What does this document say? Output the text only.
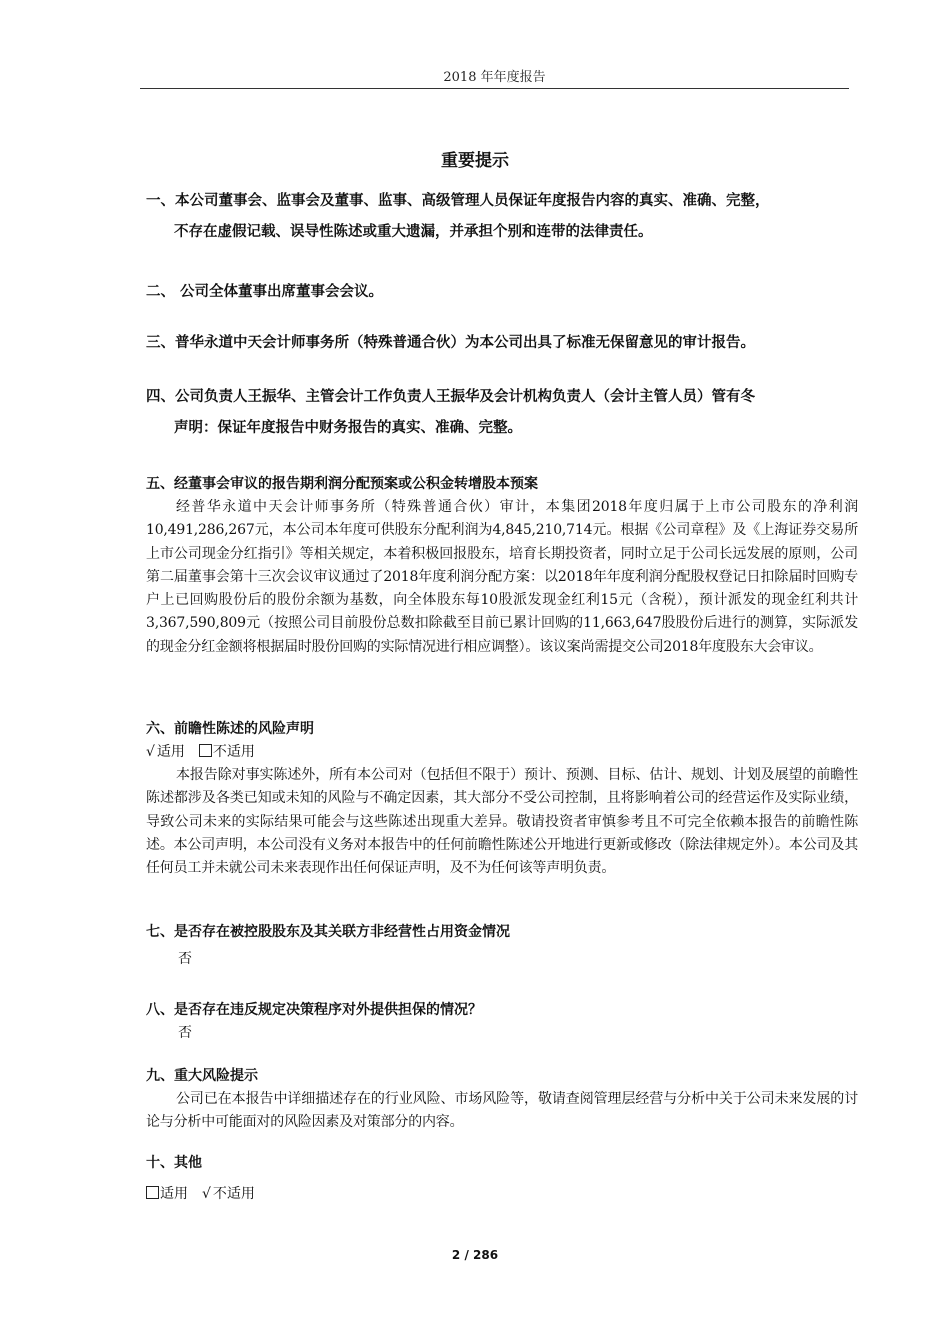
2018 年年度报告
重要提示

一、本公司董事会、监事会及董事、监事、高级管理人员保证年度报告内容的真实、准确、完整，

不存在虚假记载、误导性陈述或重大遗漏，并承担个别和连带的法律责任。

二、 公司全体董事出席董事会会议。

三、普华永道中天会计师事务所（特殊普通合伙）为本公司出具了标准无保留意见的审计报告。

四、公司负责人王振华、主管会计工作负责人王振华及会计机构负责人（会计主管人员）管有冬

声明：保证年度报告中财务报告的真实、准确、完整。

五、经董事会审议的报告期利润分配预案或公积金转增股本预案

经普华永道中天会计师事务所（特殊普通合伙）审计，本集团2018年度归属于上市公司股东的净利润10,491,286,267元，本公司本年度可供股东分配利润为4,845,210,714元。根据《公司章程》及《上海证券交易所上市公司现金分红指引》等相关规定，本着积极回报股东，培育长期投资者，同时立足于公司长远发展的原则，公司第二届董事会第十三次会议审议通过了2018年度利润分配方案：以2018年年度利润分配股权登记日扣除届时回购专户上已回购股份后的股份余额为基数，向全体股东每10股派发现金红利15元（含税），预计派发的现金红利共计3,367,590,809元（按照公司目前股份总数扣除截至目前已累计回购的11,663,647股股份后进行的测算，实际派发的现金分红金额将根据届时股份回购的实际情况进行相应调整）。该议案尚需提交公司2018年度股东大会审议。

六、前瞻性陈述的风险声明

√ 适用 不适用

本报告除对事实陈述外，所有本公司对（包括但不限于）预计、预测、目标、估计、规划、计划及展望的前瞻性陈述都涉及各类已知或未知的风险与不确定因素，其大部分不受公司控制，且将影响着公司的经营运作及实际业绩，导致公司未来的实际结果可能会与这些陈述出现重大差异。敬请投资者审慎参考且不可完全依赖本报告的前瞻性陈述。本公司声明，本公司没有义务对本报告中的任何前瞻性陈述公开地进行更新或修改（除法律规定外）。本公司及其任何员工并未就公司未来表现作出任何保证声明，及不为任何该等声明负责。

七、是否存在被控股股东及其关联方非经营性占用资金情况

否

八、是否存在违反规定决策程序对外提供担保的情况？

否

九、重大风险提示

公司已在本报告中详细描述存在的行业风险、市场风险等，敬请查阅管理层经营与分析中关于公司未来发展的讨论与分析中可能面对的风险因素及对策部分的内容。

十、其他

适用 √ 不适用

2 / 286
